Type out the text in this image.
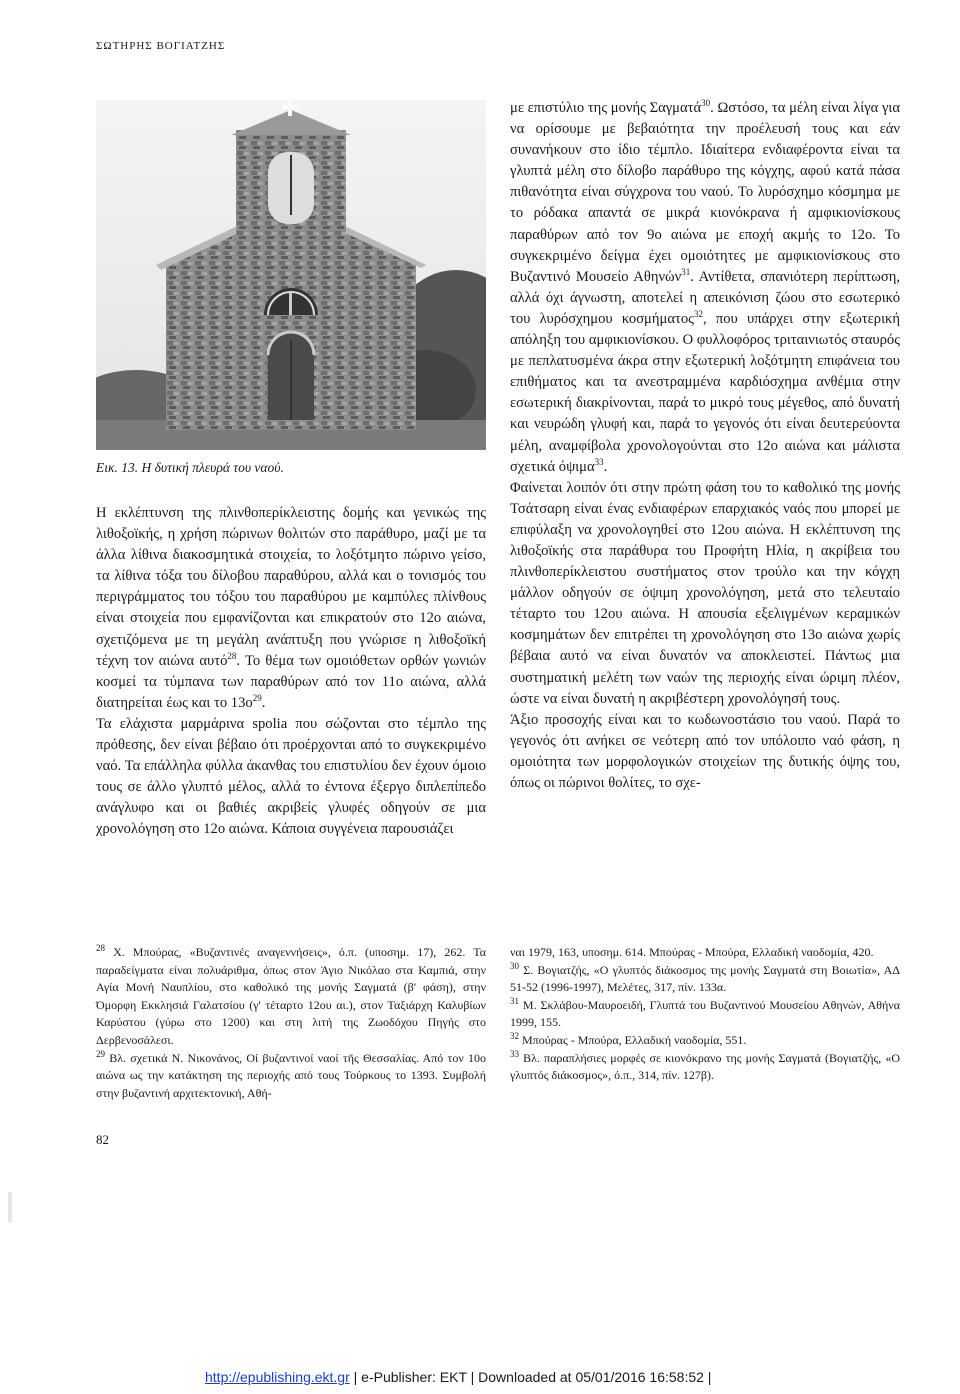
ΣΩΤΗΡΗΣ ΒΟΓΙΑΤΖΗΣ
Εικ. 13. Η δυτική πλευρά του ναού.

Η εκλέπτυνση της πλινθοπερίκλειστης δομής και γενικώς της λιθοξοϊκής, η χρήση πώρινων θολιτών στο παράθυρο, μαζί με τα άλλα λίθινα διακοσμητικά στοιχεία, το λοξότμητο πώρινο γείσο, τα λίθινα τόξα του δίλοβου παραθύρου, αλλά και ο τονισμός του περιγράμματος του τόξου του παραθύρου με καμπύλες πλίνθους είναι στοιχεία που εμφανίζονται και επικρατούν στο 12ο αιώνα, σχετιζόμενα με τη μεγάλη ανάπτυξη που γνώρισε η λιθοξοϊκή τέχνη τον αιώνα αυτό$^{28}$. Το θέμα των ομοιόθετων ορθών γωνιών κοσμεί τα τύμπανα των παραθύρων από τον 11ο αιώνα, αλλά διατηρείται έως και το $13o^{29}$.

Τα ελάχιστα μαρμάρινα spolia που σώζονται στο τέμπλο της πρόθεσης, δεν είναι βέβαιο ότι προέρχονται από το συγκεκριμένο ναό. Τα επάλληλα φύλλα άκανθας του επιστυλίου δεν έχουν όμοιο τους σε άλλο γλυπτό μέλος, αλλά το έντονα έξεργο διπλεπίπεδο ανάγλυφο και οι βαθιές ακριβείς γλυφές οδηγούν σε μια χρονολόγηση στο 12ο αιώνα. Κάποια συγγένεια παρουσιάζει

με επιστύλιο της μονής Σαγματά$^{30}$. Ωστόσο, τα μέλη είναι λίγα για να ορίσουμε με βεβαιότητα την προέλευσή τους και εάν συνανήκουν στο ίδιο τέμπλο. Ιδιαίτερα ενδιαφέροντα είναι τα γλυπτά μέλη στο δίλοβο παράθυρο της κόγχης, αφού κατά πάσα πιθανότητα είναι σύγχρονα του ναού. Το λυρόσχημο κόσμημα με το ρόδακα απαντά σε μικρά κιονόκρανα ή αμφικιονίσκους παραθύρων από τον 9ο αιώνα με εποχή ακμής το 12ο. Το συγκεκριμένο δείγμα έχει ομοιότητες με αμφικιονίσκους στο Βυζαντινό Μουσείο Αθηνών$^{31}$. Αντίθετα, σπανιότερη περίπτωση, αλλά όχι άγνωστη, αποτελεί η απεικόνιση ζώου στο εσωτερικό του λυρόσχημου κοσμήματος$^{32}$, που υπάρχει στην εξωτερική απόληξη του αμφικιονίσκου. Ο φυλλοφόρος τριταινιωτός σταυρός με πεπλατυσμένα άκρα στην εξωτερική λοξότμητη επιφάνεια του επιθήματος και τα ανεστραμμένα καρδιόσχημα ανθέμια στην εσωτερική διακρίνονται, παρά το μικρό τους μέγεθος, από δυνατή και νευρώδη γλυφή και, παρά το γεγονός ότι είναι δευτερεύοντα μέλη, αναμφίβολα χρονολογούνται στο 12ο αιώνα και μάλιστα σχετικά όψιμα$^{33}$.

Φαίνεται λοιπόν ότι στην πρώτη φάση του το καθολικό της μονής Τσάτσαρη είναι ένας ενδιαφέρων επαρχιακός ναός που μπορεί με επιφύλαξη να χρονολογηθεί στο 12ου αιώνα. Η εκλέπτυνση της λιθοξοϊκής στα παράθυρα του Προφήτη Ηλία, η ακρίβεια του πλινθοπερίκλειστου συστήματος στον τρούλο και την κόγχη μάλλον οδηγούν σε όψιμη χρονολόγηση, μετά στο τελευταίο τέταρτο του 12ου αιώνα. Η απουσία εξελιγμένων κεραμικών κοσμημάτων δεν επιτρέπει τη χρονολόγηση στο 13ο αιώνα χωρίς βέβαια αυτό να είναι δυνατόν να αποκλειστεί. Πάντως μια συστηματική μελέτη των ναών της περιοχής είναι ώριμη πλέον, ώστε να είναι δυνατή η ακριβέστερη χρονολόγησή τους.

Άξιο προσοχής είναι και το κωδωνοστάσιο του ναού. Παρά το γεγονός ότι ανήκει σε νεότερη από τον υπόλοιπο ναό φάση, η ομοιότητα των μορφολογικών στοιχείων της δυτικής όψης του, όπως οι πώρινοι θολίτες, το σχε-

$^{28}$ Χ. Μπούρας, «Βυζαντινές αναγεννήσεις», ό.π. (υποσημ. 17), 262. Τα παραδείγματα είναι πολυάριθμα, όπως στον Άγιο Νικόλαο στα Καμπιά, στην Αγία Μονή Ναυπλίου, στο καθολικό της μονής Σαγματά (β' φάση), στην Όμορφη Εκκλησιά Γαλατσίου (γ' τέταρτο 12ου αι.), στον Ταξιάρχη Καλυβίων Καρύστου (γύρω στο 1200) και στη λιτή της Ζωοδόχου Πηγής στο Δερβενοσάλεσι.

$^{29}$ Βλ. σχετικά Ν. Νικονάνος, Οί βυζαντινοί ναοί τῆς Θεσσαλίας. Από τον 10ο αιώνα ως την κατάκτηση της περιοχής από τους Τούρκους το 1393. Συμβολή στην βυζαντινή αρχιτεκτονική, Αθή-

ναι 1979, 163, υποσημ. 614. Μπούρας - Μπούρα, Ελλαδική ναοδομία, 420.

$^{30}$ Σ. Βογιατζής, «Ο γλυπτός διάκοσμος της μονής Σαγματά στη Βοιωτία», ΑΔ 51-52 (1996-1997), Μελέτες, 317, πίν. 133α.

$^{31}$ Μ. Σκλάβου-Μαυροειδή, Γλυπτά του Βυζαντινού Μουσείου Αθηνών, Αθήνα 1999, 155.

$^{32}$ Μπούρας - Μπούρα, Ελλαδική ναοδομία, 551.

$^{33}$ Βλ. παραπλήσιες μορφές σε κιονόκρανο της μονής Σαγματά (Βογιατζής, «Ο γλυπτός διάκοσμος», ό.π., 314, πίν. 127β).

82
http://epublishing.ekt.gr | e-Publisher: EKT | Downloaded at 05/01/2016 16:58:52 |
